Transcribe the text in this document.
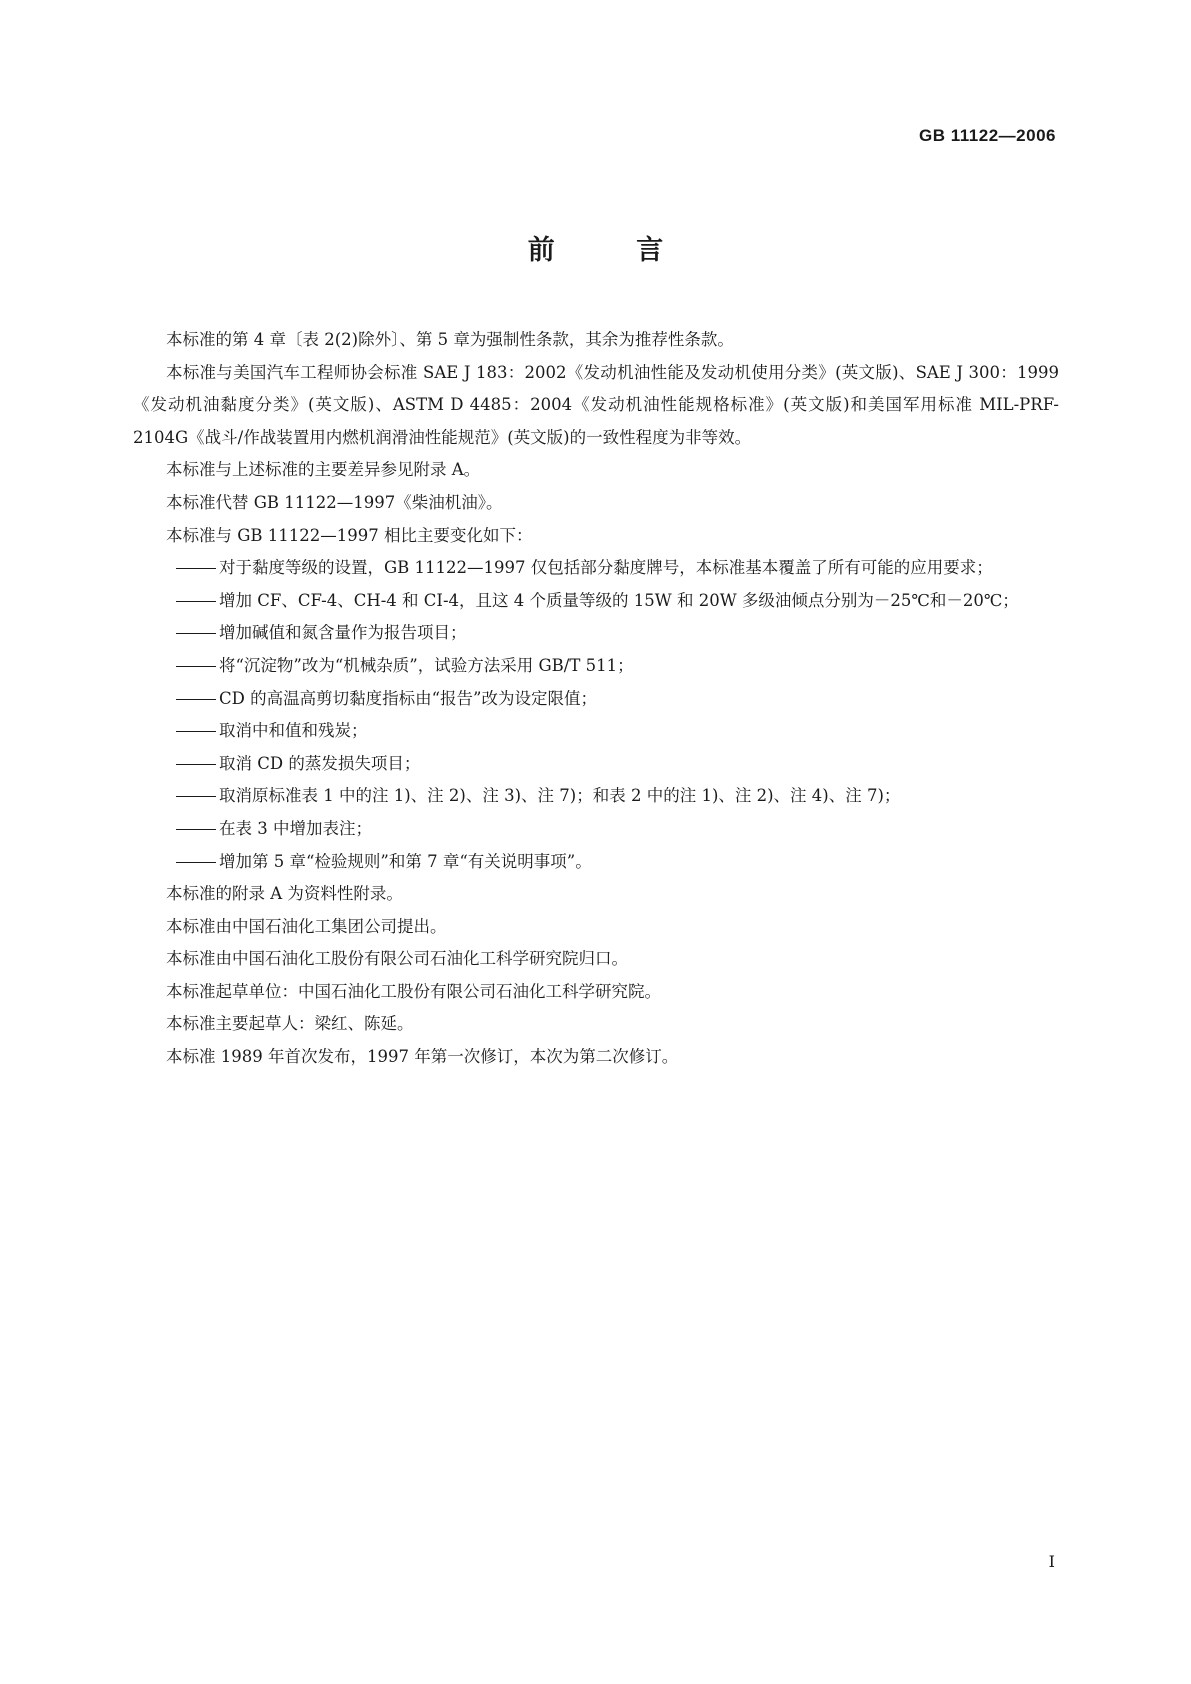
GB 11122—2006
前 言

本标准的第 4 章〔表 2(2)除外〕、第 5 章为强制性条款，其余为推荐性条款。

本标准与美国汽车工程师协会标准 SAE J 183：2002《发动机油性能及发动机使用分类》(英文版)、SAE J 300：1999《发动机油黏度分类》(英文版)、ASTM D 4485：2004《发动机油性能规格标准》(英文版)和美国军用标准 MIL-PRF-2104G《战斗/作战装置用内燃机润滑油性能规范》(英文版)的一致性程度为非等效。

本标准与上述标准的主要差异参见附录 A。

本标准代替 GB 11122—1997《柴油机油》。

本标准与 GB 11122—1997 相比主要变化如下：

对于黏度等级的设置，GB 11122—1997 仅包括部分黏度牌号，本标准基本覆盖了所有可能的应用要求；

增加 CF、CF-4、CH-4 和 CI-4，且这 4 个质量等级的 15W 和 20W 多级油倾点分别为－25℃和－20℃；

增加碱值和氮含量作为报告项目；

将“沉淀物”改为“机械杂质”，试验方法采用 GB/T 511；

CD 的高温高剪切黏度指标由“报告”改为设定限值；

取消中和值和残炭；

取消 CD 的蒸发损失项目；

取消原标准表 1 中的注 1)、注 2)、注 3)、注 7)；和表 2 中的注 1)、注 2)、注 4)、注 7)；

在表 3 中增加表注；

增加第 5 章“检验规则”和第 7 章“有关说明事项”。

本标准的附录 A 为资料性附录。

本标准由中国石油化工集团公司提出。

本标准由中国石油化工股份有限公司石油化工科学研究院归口。

本标准起草单位：中国石油化工股份有限公司石油化工科学研究院。

本标准主要起草人：梁红、陈延。

本标准 1989 年首次发布，1997 年第一次修订，本次为第二次修订。

I
